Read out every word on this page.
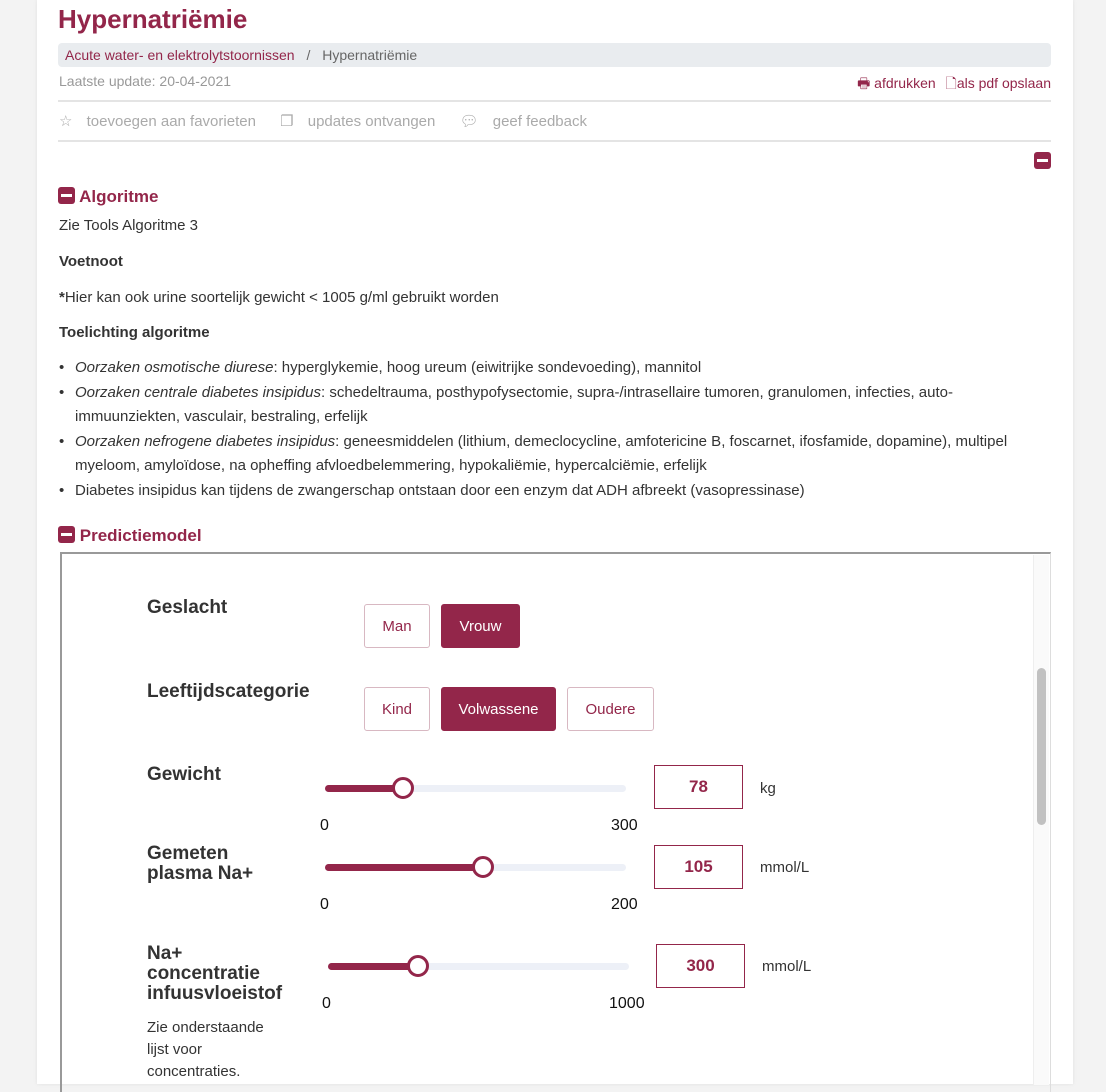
Hypernatriëmie
Acute water- en elektrolytstoornissen / Hypernatriëmie
Laatste update: 20-04-2021	🖶 afdrukken 🗋als pdf opslaan
☆ toevoegen aan favorieten ❐ updates ontvangen 💬︎ geef feedback
Algoritme
Zie Tools Algoritme 3
Voetnoot
*Hier kan ook urine soortelijk gewicht < 1005 g/ml gebruikt worden
Toelichting algoritme
• Oorzaken osmotische diurese: hyperglykemie, hoog ureum (eiwitrijke sondevoeding), mannitol
• Oorzaken centrale diabetes insipidus: schedeltrauma, posthypofysectomie, supra-/intrasellaire tumoren, granulomen, infecties, auto-immuunziekten, vasculair, bestraling, erfelijk
• Oorzaken nefrogene diabetes insipidus: geneesmiddelen (lithium, demeclocycline, amfotericine B, foscarnet, ifosfamide, dopamine), multipel myeloom, amyloïdose, na opheffing afvloedbelemmering, hypokaliëmie, hypercalciëmie, erfelijk
• Diabetes insipidus kan tijdens de zwangerschap ontstaan door een enzym dat ADH afbreekt (vasopressinase)
Predictiemodel
Geslacht
Man	Vrouw
Leeftijdscategorie
Kind	Volwassene	Oudere
Gewicht
0	300
78	kg
Gemeten plasma Na+
0	200
105	mmol/L
Na+ concentratie infuusvloeistof
Zie onderstaande lijst voor concentraties.
0	1000
300	mmol/L
